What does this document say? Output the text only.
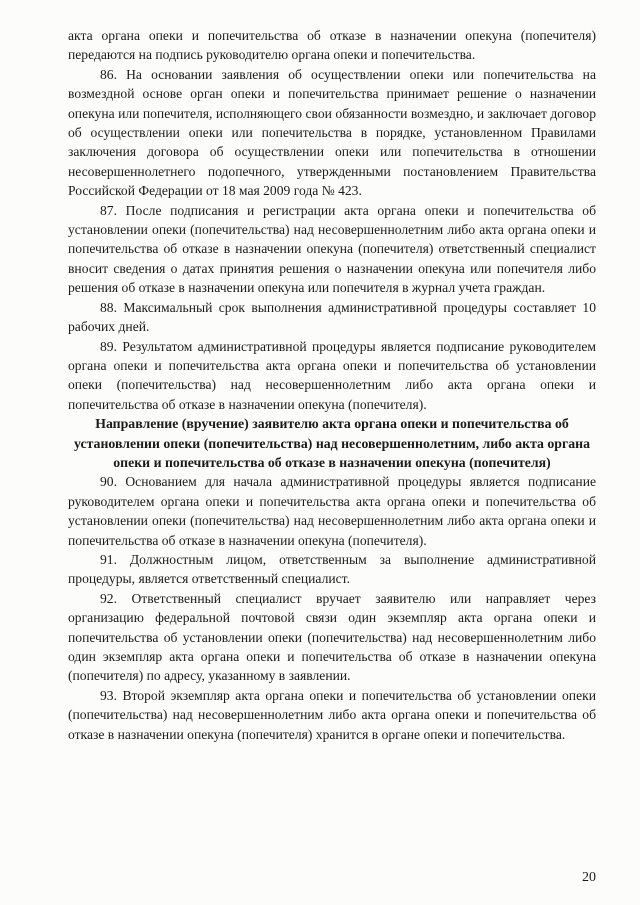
акта органа опеки и попечительства об отказе в назначении опекуна (попечителя) передаются на подпись руководителю органа опеки и попечительства.

86. На основании заявления об осуществлении опеки или попечительства на возмездной основе орган опеки и попечительства принимает решение о назначении опекуна или попечителя, исполняющего свои обязанности возмездно, и заключает договор об осуществлении опеки или попечительства в порядке, установленном Правилами заключения договора об осуществлении опеки или попечительства в отношении несовершеннолетнего подопечного, утвержденными постановлением Правительства Российской Федерации от 18 мая 2009 года № 423.

87. После подписания и регистрации акта органа опеки и попечительства об установлении опеки (попечительства) над несовершеннолетним либо акта органа опеки и попечительства об отказе в назначении опекуна (попечителя) ответственный специалист вносит сведения о датах принятия решения о назначении опекуна или попечителя либо решения об отказе в назначении опекуна или попечителя в журнал учета граждан.

88. Максимальный срок выполнения административной процедуры составляет 10 рабочих дней.

89. Результатом административной процедуры является подписание руководителем органа опеки и попечительства акта органа опеки и попечительства об установлении опеки (попечительства) над несовершеннолетним либо акта органа опеки и попечительства об отказе в назначении опекуна (попечителя).

Направление (вручение) заявителю акта органа опеки и попечительства об установлении опеки (попечительства) над несовершеннолетним, либо акта органа опеки и попечительства об отказе в назначении опекуна (попечителя)

90. Основанием для начала административной процедуры является подписание руководителем органа опеки и попечительства акта органа опеки и попечительства об установлении опеки (попечительства) над несовершеннолетним либо акта органа опеки и попечительства об отказе в назначении опекуна (попечителя).

91. Должностным лицом, ответственным за выполнение административной процедуры, является ответственный специалист.

92. Ответственный специалист вручает заявителю или направляет через организацию федеральной почтовой связи один экземпляр акта органа опеки и попечительства об установлении опеки (попечительства) над несовершеннолетним либо один экземпляр акта органа опеки и попечительства об отказе в назначении опекуна (попечителя) по адресу, указанному в заявлении.

93. Второй экземпляр акта органа опеки и попечительства об установлении опеки (попечительства) над несовершеннолетним либо акта органа опеки и попечительства об отказе в назначении опекуна (попечителя) хранится в органе опеки и попечительства.

20
